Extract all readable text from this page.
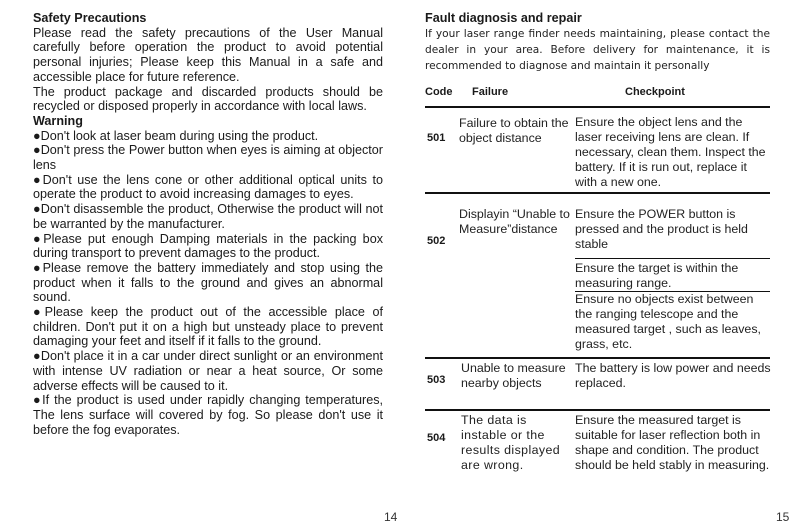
Safety Precautions

Please read the safety precautions of the User Manual carefully before operation the product to avoid potential personal injuries; Please keep this Manual in a safe and accessible place for future reference.

The product package and discarded products should be recycled or disposed properly in accordance with local laws.

Warning

●Don't look at laser beam during using the product.

●Don't press the Power button when eyes is aiming at objector lens

●Don't use the lens cone or other additional optical units to operate the product to avoid increasing damages to eyes.

●Don't disassemble the product, Otherwise the product will not be warranted by the manufacturer.

●Please put enough Damping materials in the packing box during transport to prevent damages to the product.

●Please remove the battery immediately and stop using the product when it falls to the ground and gives an abnormal sound.

●Please keep the product out of the accessible place of children. Don't put it on a high but unsteady place to prevent damaging your feet and itself if it falls to the ground.

●Don't place it in a car under direct sunlight or an environment with intense UV radiation or near a heat source, Or some adverse effects will be caused to it.

●If the product is used under rapidly changing temperatures, The lens surface will covered by fog. So please don't use it before the fog evaporates.

14
Fault diagnosis and repair
If your laser range finder needs maintaining, please contact the dealer in your area. Before delivery for maintenance, it is recommended to diagnose and maintain it personally
Code Failure	Checkpoint
501
Failure to obtain the object distance
Ensure the object lens and the laser receiving lens are clean. If necessary, clean them. Inspect the battery. If it is run out, replace it with a new one.
502
Displayin “Unable to Measure”distance
Ensure the POWER button is pressed and the product is held stable
Ensure the target is within the measuring range.
Ensure no objects exist between the ranging telescope and the measured target , such as leaves, grass, etc.
503
Unable to measure nearby objects
The battery is low power and needs replaced.
504
The data is instable or the results displayed are wrong.
Ensure the measured target is suitable for laser reflection both in shape and condition. The product should be held stably in measuring.
15
